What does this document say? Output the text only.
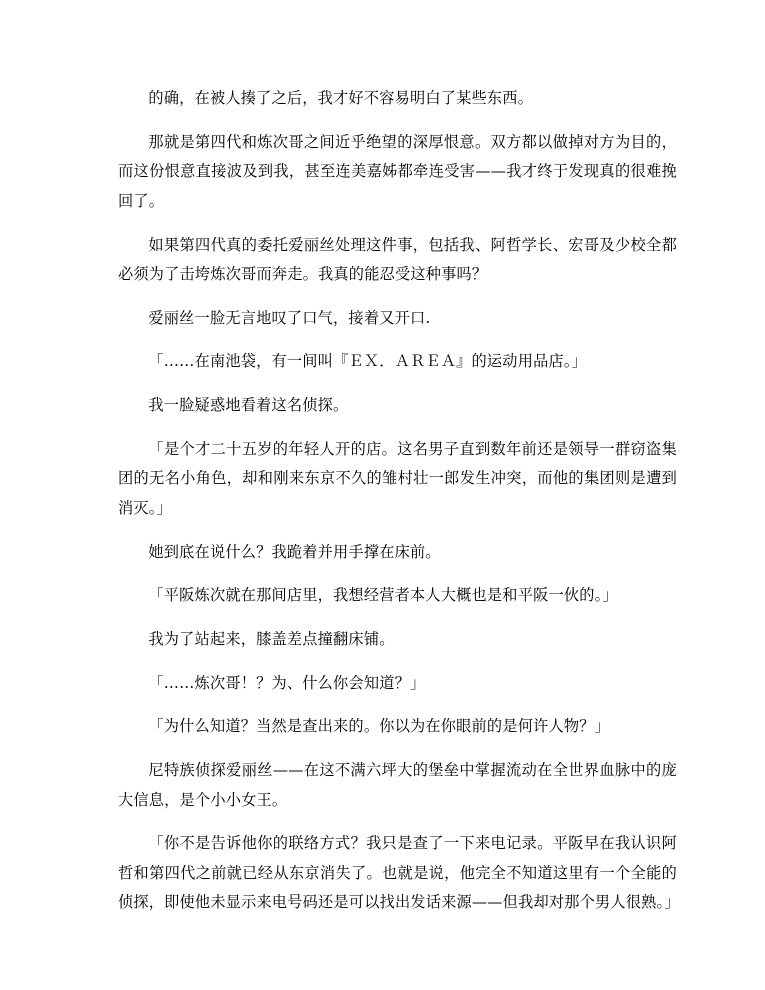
的确，在被人揍了之后，我才好不容易明白了某些东西。

那就是第四代和炼次哥之间近乎绝望的深厚恨意。双方都以做掉对方为目的，而这份恨意直接波及到我，甚至连美嘉姊都牵连受害——我才终于发现真的很难挽回了。

如果第四代真的委托爱丽丝处理这件事，包括我、阿哲学长、宏哥及少校全都必须为了击垮炼次哥而奔走。我真的能忍受这种事吗？

爱丽丝一脸无言地叹了口气，接着又开口.

「……在南池袋，有一间叫『ＥＸ．ＡＲＥＡ』的运动用品店。」

我一脸疑惑地看着这名侦探。

「是个才二十五岁的年轻人开的店。这名男子直到数年前还是领导一群窃盗集团的无名小角色，却和刚来东京不久的雏村壮一郎发生冲突，而他的集团则是遭到消灭。」

她到底在说什么？我跪着并用手撑在床前。

「平阪炼次就在那间店里，我想经营者本人大概也是和平阪一伙的。」

我为了站起来，膝盖差点撞翻床铺。

「……炼次哥！？为、什么你会知道？」

「为什么知道？当然是查出来的。你以为在你眼前的是何许人物？」

尼特族侦探爱丽丝——在这不满六坪大的堡垒中掌握流动在全世界血脉中的庞大信息，是个小小女王。

「你不是告诉他你的联络方式？我只是查了一下来电记录。平阪早在我认识阿哲和第四代之前就已经从东京消失了。也就是说，他完全不知道这里有一个全能的侦探，即使他未显示来电号码还是可以找出发话来源——但我却对那个男人很熟。」
